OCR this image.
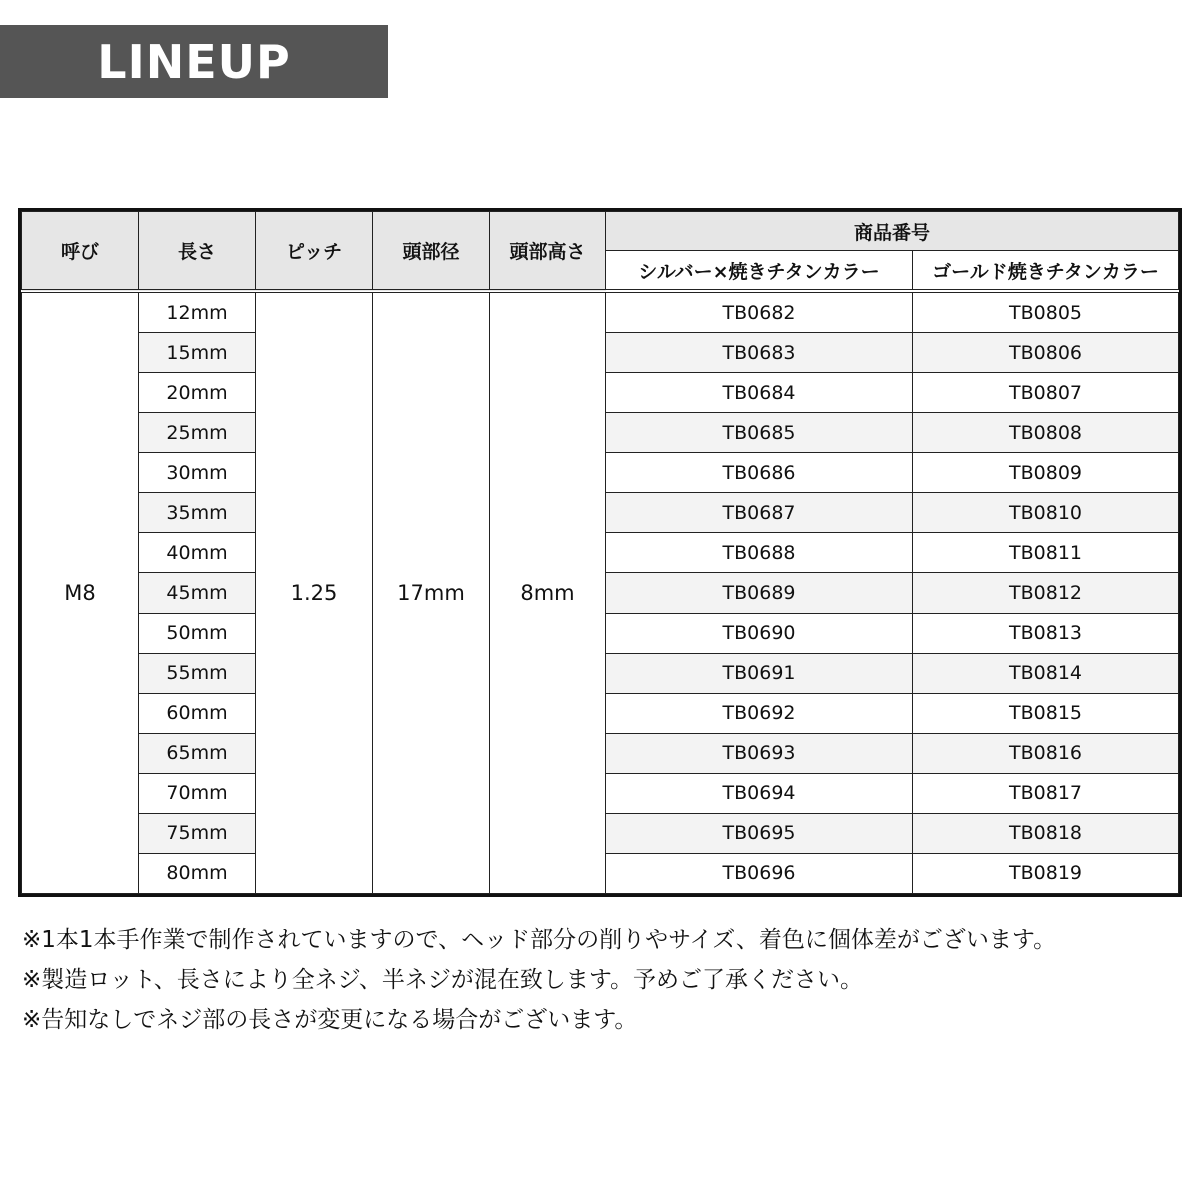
LINEUP
呼び	長さ	ピッチ	頭部径	頭部高さ	商品番号	
					シルバー×焼きチタンカラー	ゴールド焼きチタンカラー
M8	12mm	1.25	17mm	8mm	TB0682	TB0805
	15mm				TB0683	TB0806
	20mm				TB0684	TB0807
	25mm				TB0685	TB0808
	30mm				TB0686	TB0809
	35mm				TB0687	TB0810
	40mm				TB0688	TB0811
	45mm				TB0689	TB0812
	50mm				TB0690	TB0813
	55mm				TB0691	TB0814
	60mm				TB0692	TB0815
	65mm				TB0693	TB0816
	70mm				TB0694	TB0817
	75mm				TB0695	TB0818
	80mm				TB0696	TB0819
※1本1本手作業で制作されていますので、ヘッド部分の削りやサイズ、着色に個体差がございます。
※製造ロット、長さにより全ネジ、半ネジが混在致します。予めご了承ください。
※告知なしでネジ部の長さが変更になる場合がございます。
